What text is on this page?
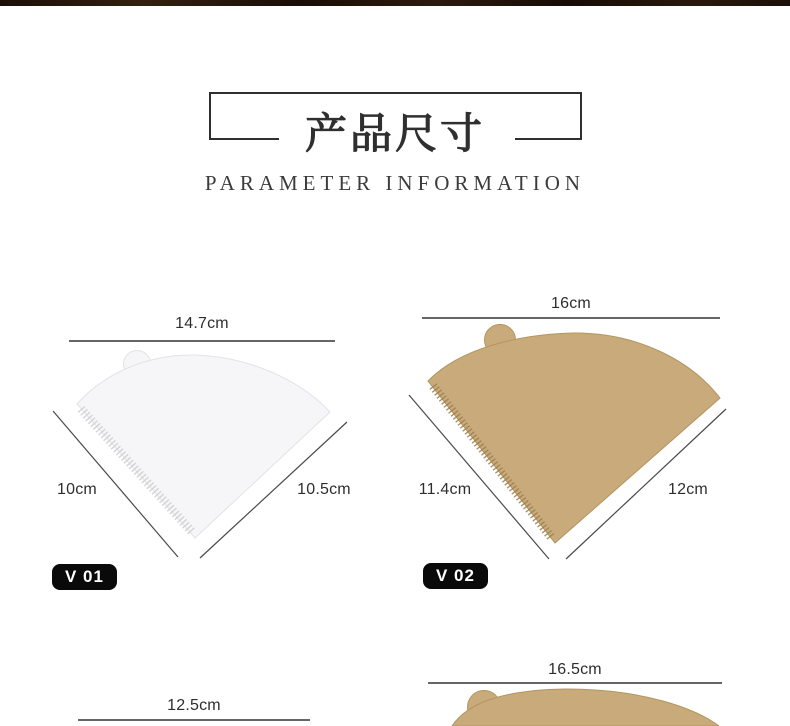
产品尺寸
PARAMETER INFORMATION
14.7cm
10cm	10.5cm
V 01
16cm
11.4cm	12cm
V 02
12.5cm
16.5cm
